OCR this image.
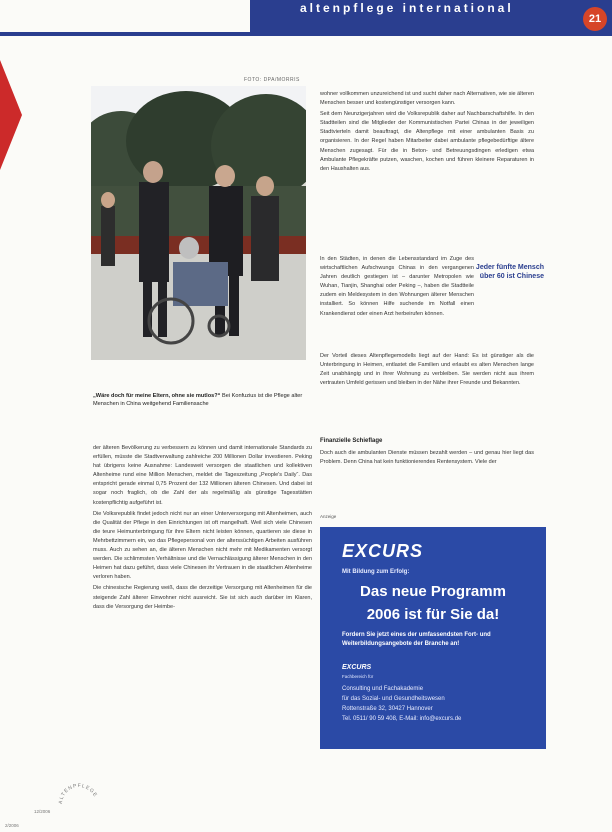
altenpflege international
21
FOTO: DPA/MORRIS
„Wäre doch für meine Eltern, ohne sie mutlos?“ Bei Konfuzius ist die Pflege alter Menschen in China weitgehend Familiensache

wohner vollkommen unzureichend ist und sucht daher nach Alternativen, wie sie älteren Menschen besser und kostengünstiger versorgen kann.

Seit dem Neunzigerjahren wird die Volksrepublik daher auf Nachbarschaftshilfe. In den Stadtteilen sind die Mitglieder der Kommunistischen Partei Chinas in der jeweiligen Stadtvierteln damit beauftragt, die Altenpflege mit einer ambulanten Basis zu organisieren. In der Regel haben Mitarbeiter dabei ambulante pflegebedürftige ältere Menschen zugesagt. Für die in Beton- und Betreuungsdingen erledigen etwa Ambulante Pflegekräfte putzen, waschen, kochen und führen kleinere Reparaturen in den Haushalten aus.

In den Städten, in denen die Lebensstandard im Zuge des wirtschaftlichen Aufschwungs Chinas in den vergangenen Jahren deutlich gestiegen ist – darunter Metropolen wie Wuhan, Tianjin, Shanghai oder Peking –, haben die Stadtteile zudem ein Meldesystem in den Wohnungen älterer Menschen installiert. So können Hilfe suchende im Notfall einen Krankendienst oder einen Arzt herbeirufen können.

Jeder fünfte Mensch über 60 ist Chinese

Der Vorteil dieses Altenpflegemodells liegt auf der Hand: Es ist günstiger als die Unterbringung in Heimen, entlastet die Familien und erlaubt es alten Menschen lange Zeit unabhängig und in ihrer Wohnung zu verbleiben. Sie werden nicht aus ihrem vertrauten Umfeld gerissen und bleiben in der Nähe ihrer Freunde und Bekannten.

Finanzielle Schieflage

Doch auch die ambulanten Dienste müssen bezahlt werden – und genau hier liegt das Problem. Denn China hat kein funktionierendes Rentensystem. Viele der

der älteren Bevölkerung zu verbessern zu können und damit internationale Standards zu erfüllen, müsste die Stadtverwaltung zahlreiche 200 Millionen Dollar investieren. Peking hat übrigens keine Ausnahme: Landesweit versorgen die staatlichen und kollektiven Altenheime rund eine Million Menschen, meldet die Tageszeitung „People's Daily“. Das entspricht gerade einmal 0,75 Prozent der 132 Millionen älteren Chinesen. Und dabei ist sogar noch fraglich, ob die Zahl der als regelmäßig als günstige Tagesstätten kostenpflichtig aufgeführt ist.

Die Volksrepublik findet jedoch nicht nur an einer Unterversorgung mit Altenheimen, auch die Qualität der Pflege in den Einrichtungen ist oft mangelhaft. Weil sich viele Chinesen die teure Heimunterbringung für ihre Eltern nicht leisten können, quartieren sie diese in Mehrbettzimmern ein, wo das Pflegepersonal von der alterssüchtigen Arbeiten ausführen muss. Auch zu sehen an, die älteren Menschen nicht mehr mit Medikamenten versorgt werden. Die schlimmsten Verhältnisse und die Vernachlässigung älterer Menschen in den Heimen hat dazu geführt, dass viele Chinesen ihr Vertrauen in die staatlichen Altenheime verloren haben.

Die chinesische Regierung weiß, dass die derzeitige Versorgung mit Altenheimen für die steigende Zahl älterer Einwohner nicht ausreicht. Sie ist sich auch darüber im Klaren, dass die Versorgung der Heimbe-

Anzeige
EXCURS
Mit Bildung zum Erfolg:
Das neue Programm
2006 ist für Sie da!
Fordern Sie jetzt eines der umfassendsten Fort- und Weiterbildungsangebote der Branche an!
EXCURS
Fachbereich für
Consulting und Fachakademie
für das Sozial- und Gesundheitswesen
Rottenstraße 32, 30427 Hannover
Tel. 0511/ 90 59 408, E-Mail: info@excurs.de
2/2006
12/2006
ALTENPFLEGE
